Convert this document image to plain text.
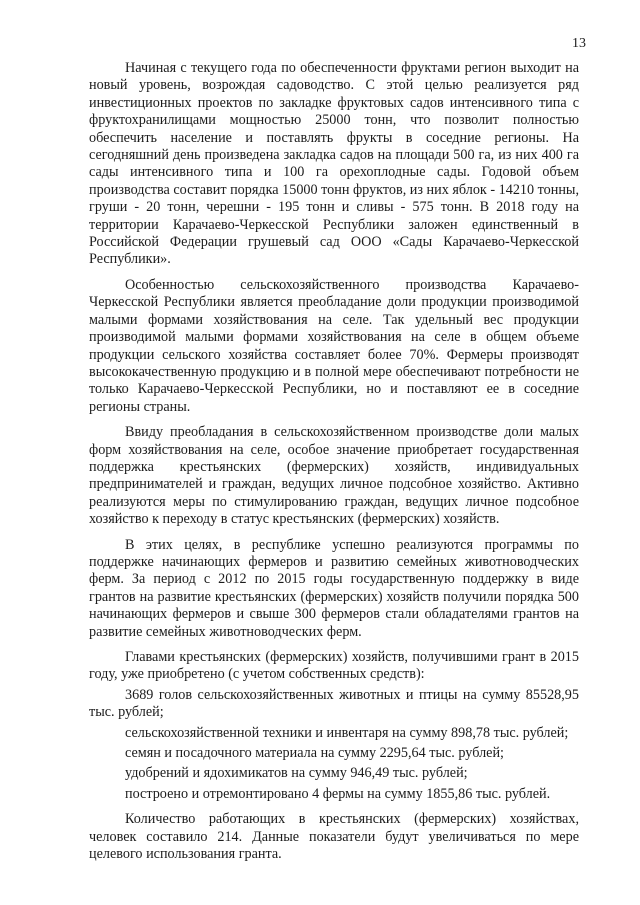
13

Начиная с текущего года по обеспеченности фруктами регион выходит на новый уровень, возрождая садоводство. С этой целью реализуется ряд инвестиционных проектов по закладке фруктовых садов интенсивного типа с фруктохранилищами мощностью 25000 тонн, что позволит полностью обеспечить население и поставлять фрукты в соседние регионы. На сегодняшний день произведена закладка садов на площади 500 га, из них 400 га сады интенсивного типа и 100 га орехоплодные сады. Годовой объем производства составит порядка 15000 тонн фруктов, из них яблок - 14210 тонны, груши - 20 тонн, черешни - 195 тонн и сливы - 575 тонн. В 2018 году на территории Карачаево-Черкесской Республики заложен единственный в Российской Федерации грушевый сад ООО «Сады Карачаево-Черкесской Республики».

Особенностью сельскохозяйственного производства Карачаево-Черкесской Республики является преобладание доли продукции производимой малыми формами хозяйствования на селе. Так удельный вес продукции производимой малыми формами хозяйствования на селе в общем объеме продукции сельского хозяйства составляет более 70%. Фермеры производят высококачественную продукцию и в полной мере обеспечивают потребности не только Карачаево-Черкесской Республики, но и поставляют ее в соседние регионы страны.

Ввиду преобладания в сельскохозяйственном производстве доли малых форм хозяйствования на селе, особое значение приобретает государственная поддержка крестьянских (фермерских) хозяйств, индивидуальных предпринимателей и граждан, ведущих личное подсобное хозяйство. Активно реализуются меры по стимулированию граждан, ведущих личное подсобное хозяйство к переходу в статус крестьянских (фермерских) хозяйств.

В этих целях, в республике успешно реализуются программы по поддержке начинающих фермеров и развитию семейных животноводческих ферм. За период с 2012 по 2015 годы государственную поддержку в виде грантов на развитие крестьянских (фермерских) хозяйств получили порядка 500 начинающих фермеров и свыше 300 фермеров стали обладателями грантов на развитие семейных животноводческих ферм.

Главами крестьянских (фермерских) хозяйств, получившими грант в 2015 году, уже приобретено (с учетом собственных средств):

3689 голов сельскохозяйственных животных и птицы на сумму 85528,95 тыс. рублей;

сельскохозяйственной техники и инвентаря на сумму 898,78 тыс. рублей;

семян и посадочного материала на сумму 2295,64 тыс. рублей;

удобрений и ядохимикатов на сумму 946,49 тыс. рублей;

построено и отремонтировано 4 фермы на сумму 1855,86 тыс. рублей.

Количество работающих в крестьянских (фермерских) хозяйствах, человек составило 214. Данные показатели будут увеличиваться по мере целевого использования гранта.
